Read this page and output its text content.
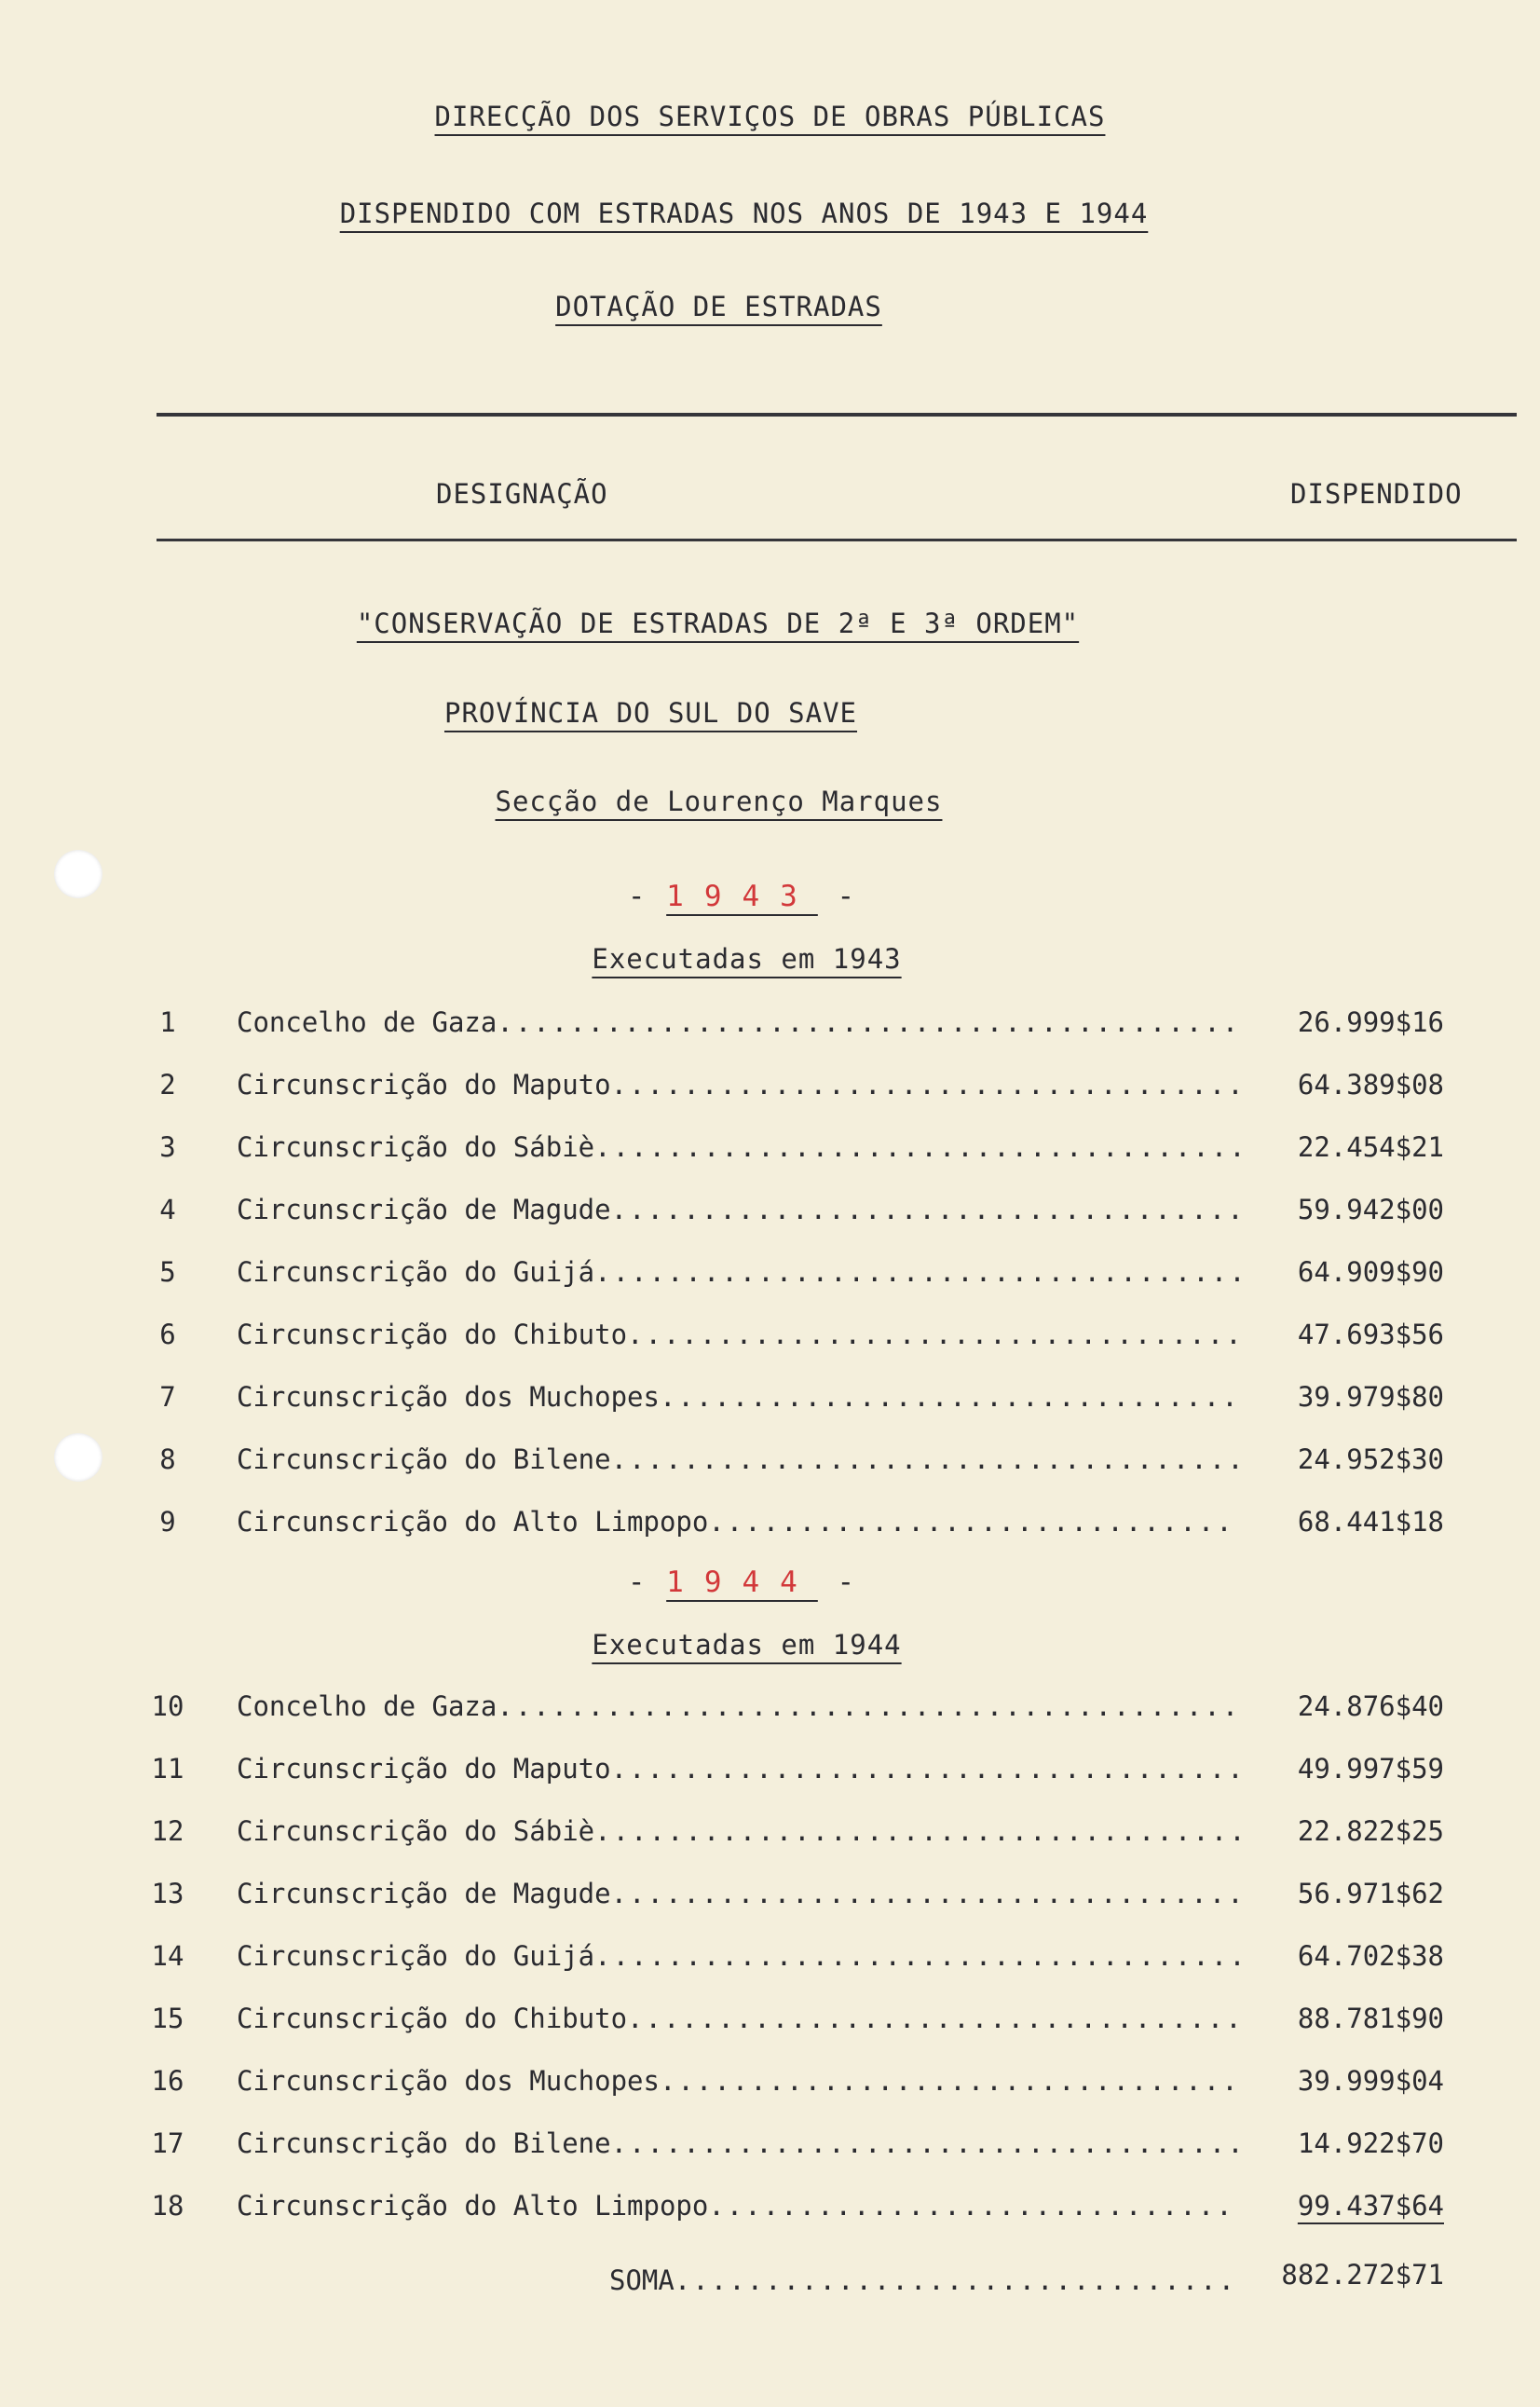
DIRECÇÃO DOS SERVIÇOS DE OBRAS PÚBLICAS
DISPENDIDO COM ESTRADAS NOS ANOS DE 1943 E 1944
DOTAÇÃO DE ESTRADAS
DESIGNAÇÃO	DISPENDIDO
"CONSERVAÇÃO DE ESTRADAS DE 2ª E 3ª ORDEM"
PROVÍNCIA DO SUL DO SAVE
Secção de Lourenço Marques
- 1943 -
Executadas em 1943
1	Concelho de Gaza .....	26.999$16
2	Circunscrição do Maputo .....	64.389$08
3	Circunscrição do Sábiè .....	22.454$21
4	Circunscrição de Magude .....	59.942$00
5	Circunscrição do Guijá .....	64.909$90
6	Circunscrição do Chibuto .....	47.693$56
7	Circunscrição dos Muchopes .....	39.979$80
8	Circunscrição do Bilene .....	24.952$30
9	Circunscrição do Alto Limpopo .....	68.441$18
- 1944 -
Executadas em 1944
10	Concelho de Gaza .....	24.876$40
11	Circunscrição do Maputo .....	49.997$59
12	Circunscrição do Sábiè .....	22.822$25
13	Circunscrição de Magude .....	56.971$62
14	Circunscrição do Guijá .....	64.702$38
15	Circunscrição do Chibuto .....	88.781$90
16	Circunscrição dos Muchopes .....	39.999$04
17	Circunscrição do Bilene .....	14.922$70
18	Circunscrição do Alto Limpopo .....	99.437$64
SOMA .....	882.272$71
